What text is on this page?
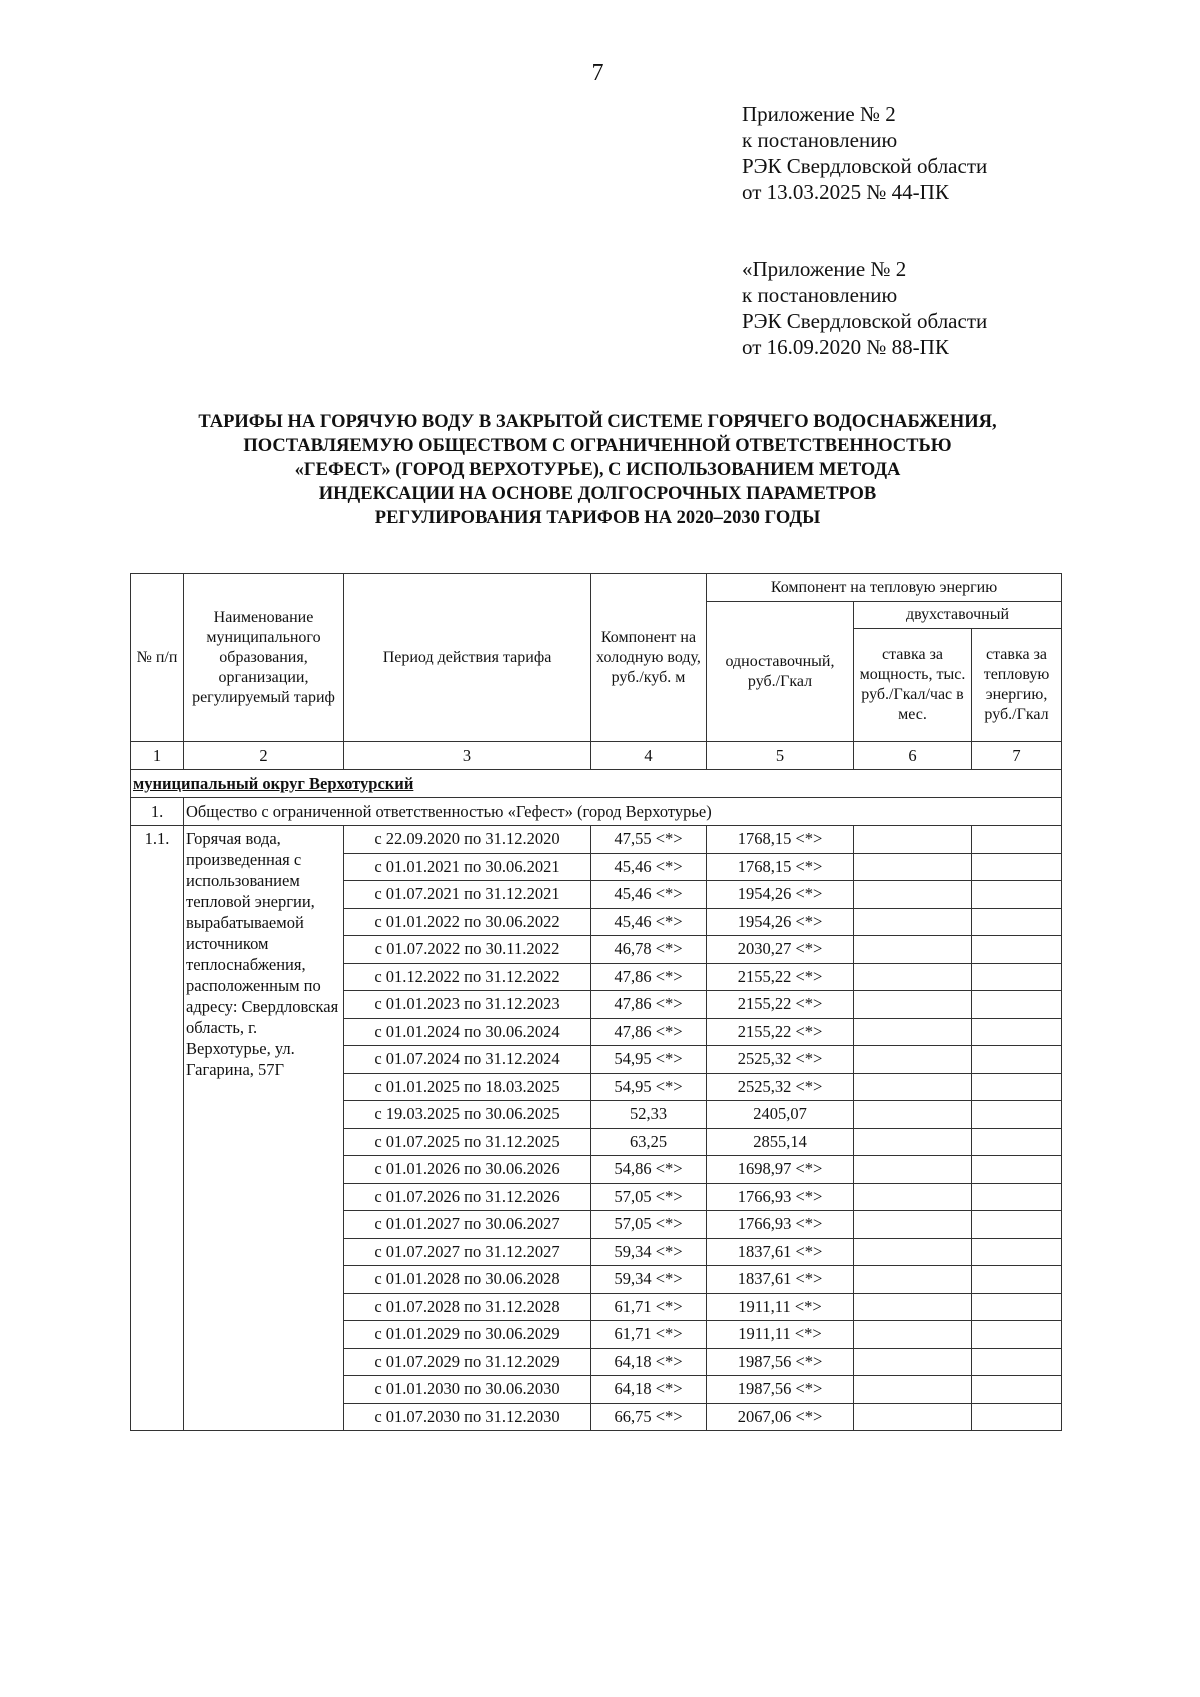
7
Приложение № 2
к постановлению
РЭК Свердловской области
от 13.03.2025 № 44-ПК
«Приложение № 2
к постановлению
РЭК Свердловской области
от 16.09.2020 № 88-ПК
ТАРИФЫ НА ГОРЯЧУЮ ВОДУ В ЗАКРЫТОЙ СИСТЕМЕ ГОРЯЧЕГО ВОДОСНАБЖЕНИЯ,
ПОСТАВЛЯЕМУЮ ОБЩЕСТВОМ С ОГРАНИЧЕННОЙ ОТВЕТСТВЕННОСТЬЮ
«ГЕФЕСТ» (ГОРОД ВЕРХОТУРЬЕ), С ИСПОЛЬЗОВАНИЕМ МЕТОДА
ИНДЕКСАЦИИ НА ОСНОВЕ ДОЛГОСРОЧНЫХ ПАРАМЕТРОВ
РЕГУЛИРОВАНИЯ ТАРИФОВ НА 2020–2030 ГОДЫ
№ п/п	Наименование муниципального образования, организации, регулируемый тариф	Период действия тарифа	Компонент на холодную воду, руб./куб. м	Компонент на тепловую энергию		
				одноставочный, руб./Гкал	двухставочный	
					ставка за мощность, тыс. руб./Гкал/час в мес.	ставка за тепловую энергию, руб./Гкал
1	2	3	4	5	6	7
муниципальный округ Верхотурский						
1.	Общество с ограниченной ответственностью «Гефест» (город Верхотурье)					
1.1.	Горячая вода, произведенная с использованием тепловой энергии, вырабатываемой источником теплоснабжения, расположенным по адресу: Свердловская область, г. Верхотурье, ул. Гагарина, 57Г	с 22.09.2020 по 31.12.2020	47,55 <*>	1768,15 <*>		
		с 01.01.2021 по 30.06.2021	45,46 <*>	1768,15 <*>		
		с 01.07.2021 по 31.12.2021	45,46 <*>	1954,26 <*>		
		с 01.01.2022 по 30.06.2022	45,46 <*>	1954,26 <*>		
		с 01.07.2022 по 30.11.2022	46,78 <*>	2030,27 <*>		
		с 01.12.2022 по 31.12.2022	47,86 <*>	2155,22 <*>		
		с 01.01.2023 по 31.12.2023	47,86 <*>	2155,22 <*>		
		с 01.01.2024 по 30.06.2024	47,86 <*>	2155,22 <*>		
		с 01.07.2024 по 31.12.2024	54,95 <*>	2525,32 <*>		
		с 01.01.2025 по 18.03.2025	54,95 <*>	2525,32 <*>		
		с 19.03.2025 по 30.06.2025	52,33	2405,07		
		с 01.07.2025 по 31.12.2025	63,25	2855,14		
		с 01.01.2026 по 30.06.2026	54,86 <*>	1698,97 <*>		
		с 01.07.2026 по 31.12.2026	57,05 <*>	1766,93 <*>		
		с 01.01.2027 по 30.06.2027	57,05 <*>	1766,93 <*>		
		с 01.07.2027 по 31.12.2027	59,34 <*>	1837,61 <*>		
		с 01.01.2028 по 30.06.2028	59,34 <*>	1837,61 <*>		
		с 01.07.2028 по 31.12.2028	61,71 <*>	1911,11 <*>		
		с 01.01.2029 по 30.06.2029	61,71 <*>	1911,11 <*>		
		с 01.07.2029 по 31.12.2029	64,18 <*>	1987,56 <*>		
		с 01.01.2030 по 30.06.2030	64,18 <*>	1987,56 <*>		
		с 01.07.2030 по 31.12.2030	66,75 <*>	2067,06 <*>		
